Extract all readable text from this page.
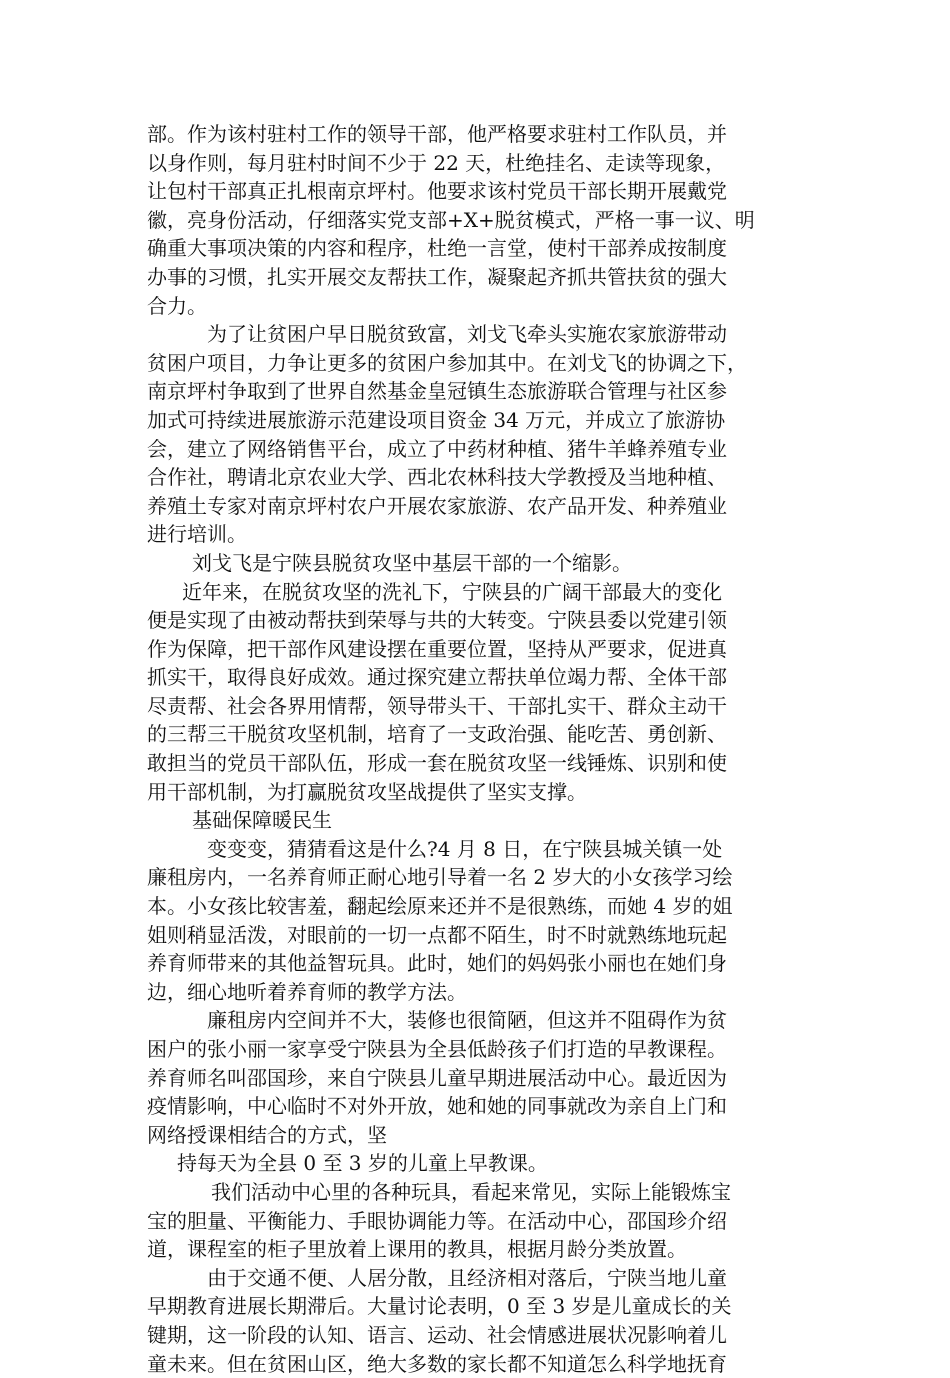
部。作为该村驻村工作的领导干部，他严格要求驻村工作队员，并
以身作则，每月驻村时间不少于 22 天，杜绝挂名、走读等现象，
让包村干部真正扎根南京坪村。他要求该村党员干部长期开展戴党
徽，亮身份活动，仔细落实党支部+X+脱贫模式，严格一事一议、明
确重大事项决策的内容和程序，杜绝一言堂，使村干部养成按制度
办事的习惯，扎实开展交友帮扶工作，凝聚起齐抓共管扶贫的强大
合力。
为了让贫困户早日脱贫致富，刘戈飞牵头实施农家旅游带动
贫困户项目，力争让更多的贫困户参加其中。在刘戈飞的协调之下，
南京坪村争取到了世界自然基金皇冠镇生态旅游联合管理与社区参
加式可持续进展旅游示范建设项目资金 34 万元，并成立了旅游协
会，建立了网络销售平台，成立了中药材种植、猪牛羊蜂养殖专业
合作社，聘请北京农业大学、西北农林科技大学教授及当地种植、
养殖土专家对南京坪村农户开展农家旅游、农产品开发、种养殖业
进行培训。
刘戈飞是宁陕县脱贫攻坚中基层干部的一个缩影。
近年来，在脱贫攻坚的洗礼下，宁陕县的广阔干部最大的变化
便是实现了由被动帮扶到荣辱与共的大转变。宁陕县委以党建引领
作为保障，把干部作风建设摆在重要位置，坚持从严要求，促进真
抓实干，取得良好成效。通过探究建立帮扶单位竭力帮、全体干部
尽责帮、社会各界用情帮，领导带头干、干部扎实干、群众主动干
的三帮三干脱贫攻坚机制，培育了一支政治强、能吃苦、勇创新、
敢担当的党员干部队伍，形成一套在脱贫攻坚一线锤炼、识别和使
用干部机制，为打赢脱贫攻坚战提供了坚实支撑。
基础保障暖民生
变变变，猜猜看这是什么?4 月 8 日，在宁陕县城关镇一处
廉租房内，一名养育师正耐心地引导着一名 2 岁大的小女孩学习绘
本。小女孩比较害羞，翻起绘原来还并不是很熟练，而她 4 岁的姐
姐则稍显活泼，对眼前的一切一点都不陌生，时不时就熟练地玩起
养育师带来的其他益智玩具。此时，她们的妈妈张小丽也在她们身
边，细心地听着养育师的教学方法。
廉租房内空间并不大，装修也很简陋，但这并不阻碍作为贫
困户的张小丽一家享受宁陕县为全县低龄孩子们打造的早教课程。
养育师名叫邵国珍，来自宁陕县儿童早期进展活动中心。最近因为
疫情影响，中心临时不对外开放，她和她的同事就改为亲自上门和
网络授课相结合的方式，坚
持每天为全县 0 至 3 岁的儿童上早教课。
我们活动中心里的各种玩具，看起来常见，实际上能锻炼宝
宝的胆量、平衡能力、手眼协调能力等。在活动中心，邵国珍介绍
道，课程室的柜子里放着上课用的教具，根据月龄分类放置。
由于交通不便、人居分散，且经济相对落后，宁陕当地儿童
早期教育进展长期滞后。大量讨论表明，0 至 3 岁是儿童成长的关
键期，这一阶段的认知、语言、运动、社会情感进展状况影响着儿
童未来。但在贫困山区，绝大多数的家长都不知道怎么科学地抚育
